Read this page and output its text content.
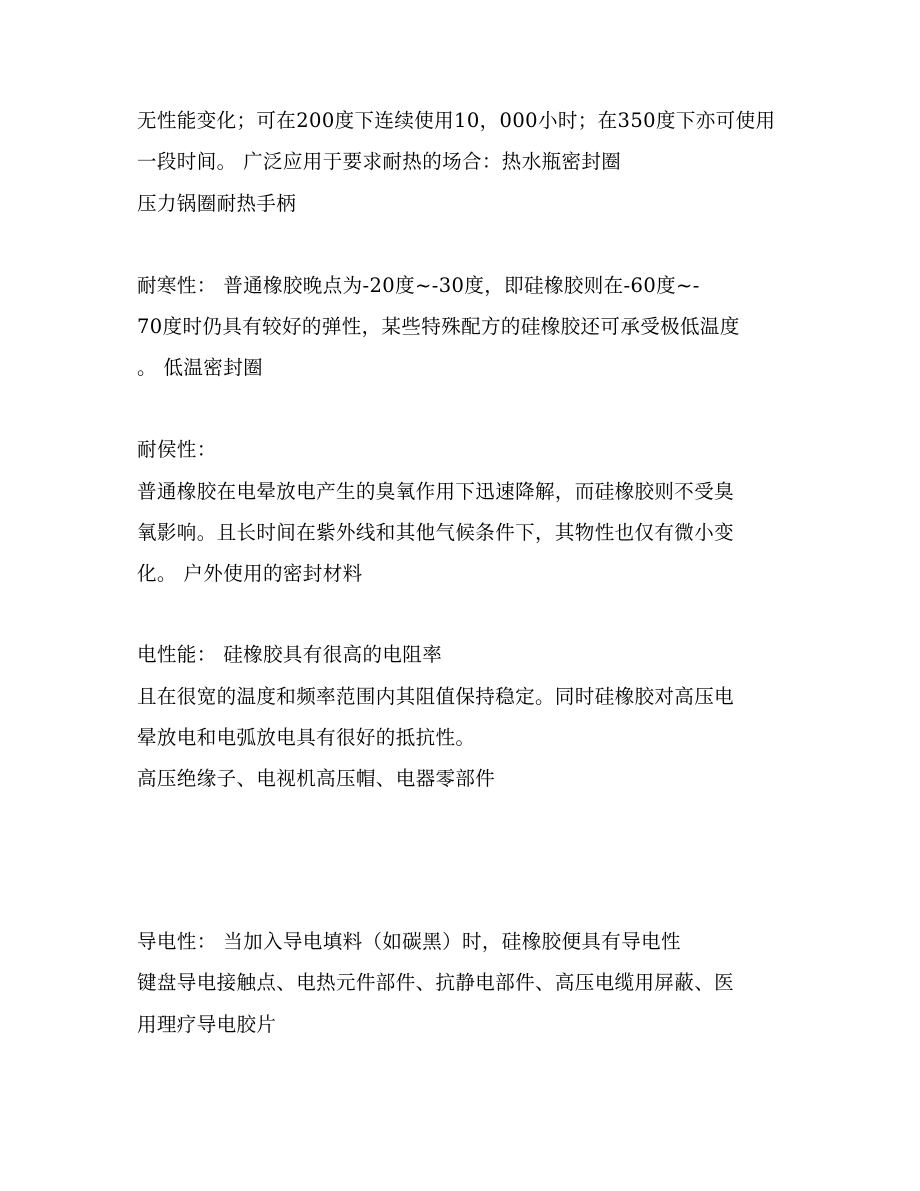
无性能变化；可在200度下连续使用10，000小时；在350度下亦可使用
一段时间。 广泛应用于要求耐热的场合：热水瓶密封圈
压力锅圈耐热手柄
耐寒性： 普通橡胶晚点为-20度~-30度，即硅橡胶则在-60度~-
70度时仍具有较好的弹性，某些特殊配方的硅橡胶还可承受极低温度
。 低温密封圈
耐侯性：
普通橡胶在电晕放电产生的臭氧作用下迅速降解，而硅橡胶则不受臭
氧影响。且长时间在紫外线和其他气候条件下，其物性也仅有微小变
化。 户外使用的密封材料
电性能： 硅橡胶具有很高的电阻率
且在很宽的温度和频率范围内其阻值保持稳定。同时硅橡胶对高压电
晕放电和电弧放电具有很好的抵抗性。
高压绝缘子、电视机高压帽、电器零部件
导电性： 当加入导电填料（如碳黑）时，硅橡胶便具有导电性
键盘导电接触点、电热元件部件、抗静电部件、高压电缆用屏蔽、医
用理疗导电胶片
